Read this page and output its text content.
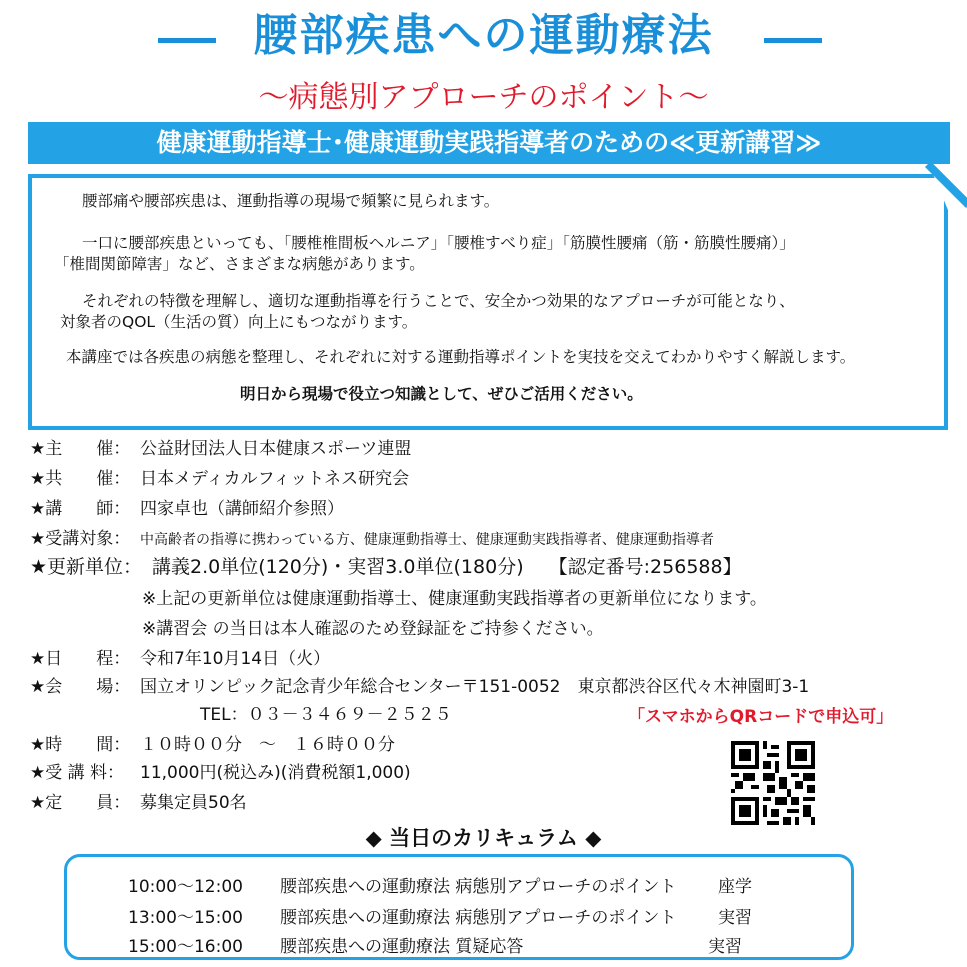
腰部疾患への運動療法
〜病態別アプローチのポイント〜
健康運動指導士･健康運動実践指導者のための≪更新講習≫
腰部痛や腰部疾患は、運動指導の現場で頻繁に見られます。
一口に腰部疾患といっても、「腰椎椎間板ヘルニア」「腰椎すべり症」「筋膜性腰痛（筋・筋膜性腰痛）」
「椎間関節障害」など、さまざまな病態があります。
それぞれの特徴を理解し、適切な運動指導を行うことで、安全かつ効果的なアプローチが可能となり、
対象者のQOL（生活の質）向上にもつながります。
本講座では各疾患の病態を整理し、それぞれに対する運動指導ポイントを実技を交えてわかりやすく解説します。
明日から現場で役立つ知識として、ぜひご活用ください。
★主　　催： 公益財団法人日本健康スポーツ連盟
★共　　催： 日本メディカルフィットネス研究会
★講　　師： 四家卓也（講師紹介参照）
★受講対象： 中高齢者の指導に携わっている方、健康運動指導士、健康運動実践指導者、健康運動指導者
★更新単位： 講義2.0単位(120分)・実習3.0単位(180分)　 【認定番号:256588】
※上記の更新単位は健康運動指導士、健康運動実践指導者の更新単位になります。
※講習会 の当日は本人確認のため登録証をご持参ください。
★日　　程： 令和7年10月14日（火）
★会　　場： 国立オリンピック記念青少年総合センター〒151-0052　東京都渋谷区代々木神園町3-1
TEL：０３－３４６９－２５２５	「スマホからQRコードで申込可」
★時　　間： １０時００分　～　１６時００分
★受 講 料： 11,000円(税込み)(消費税額1,000)
★定　　員： 募集定員50名
◆ 当日のカリキュラム ◆
10:00～12:00 腰部疾患への運動療法 病態別アプローチのポイント 座学
13:00～15:00 腰部疾患への運動療法 病態別アプローチのポイント 実習
15:00～16:00 腰部疾患への運動療法 質疑応答	実習
